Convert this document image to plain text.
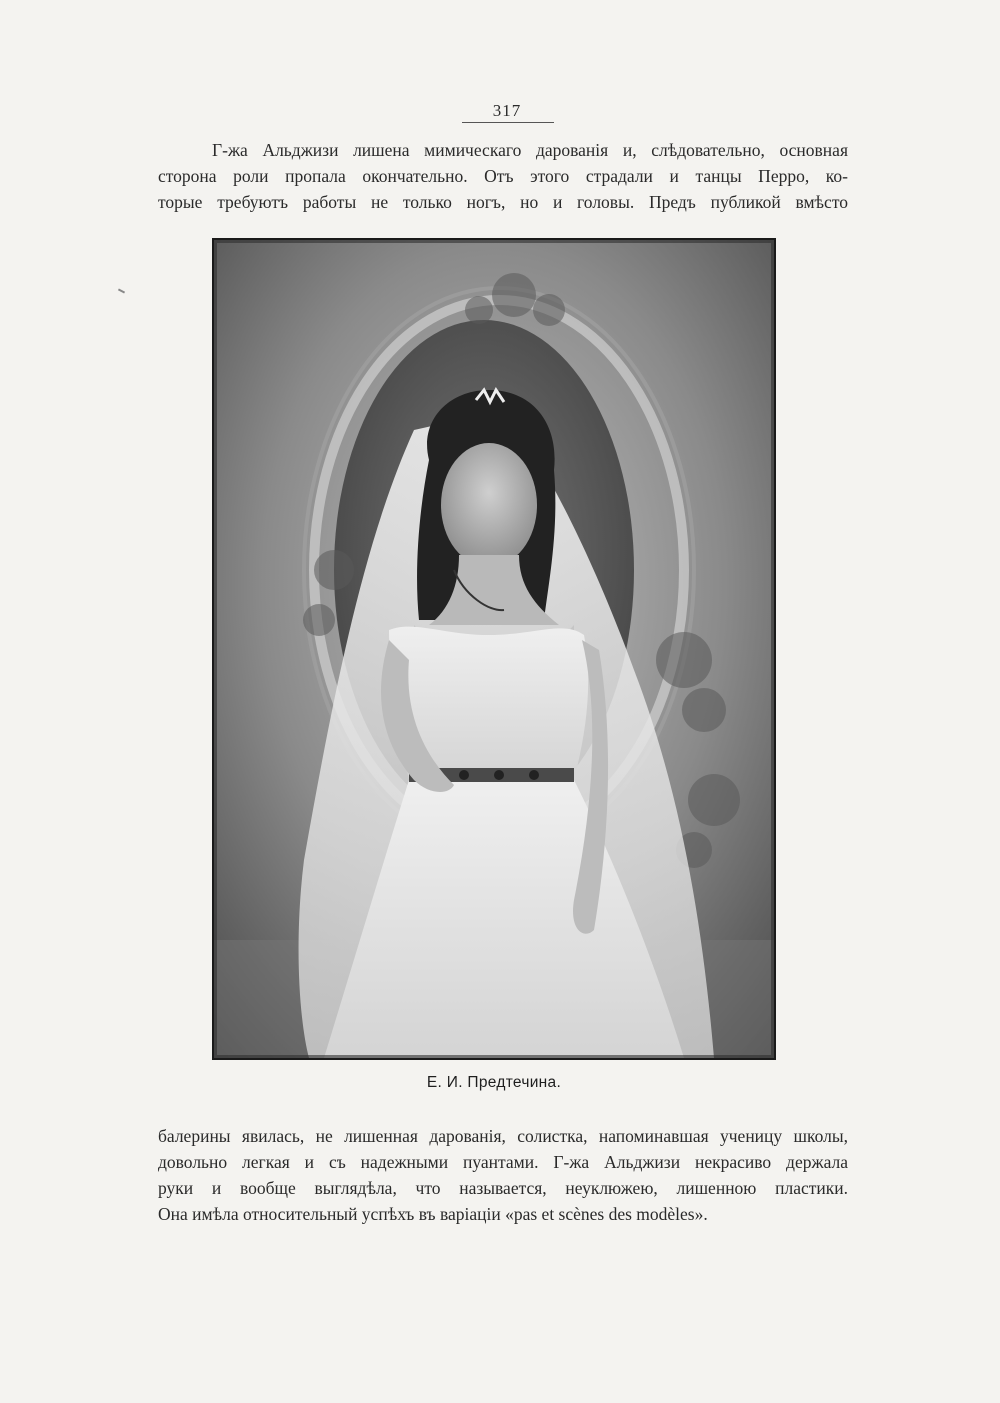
317

Г-жа Альджизи лишена мимическаго дарованія и, слѣдовательно, основная

сторона роли пропала окончательно. Отъ этого страдали и танцы Перро, ко-

торые требуютъ работы не только ногъ, но и головы. Предъ публикой вмѣсто

Е. И. Предтечина.

балерины явилась, не лишенная дарованія, солистка, напоминавшая ученицу школы,

довольно легкая и съ надежными пуантами. Г-жа Альджизи некрасиво держала

руки и вообще выглядѣла, что называется, неуклюжею, лишенною пластики.

Она имѣла относительный успѣхъ въ варіаціи «pas et scènes des modèles».
